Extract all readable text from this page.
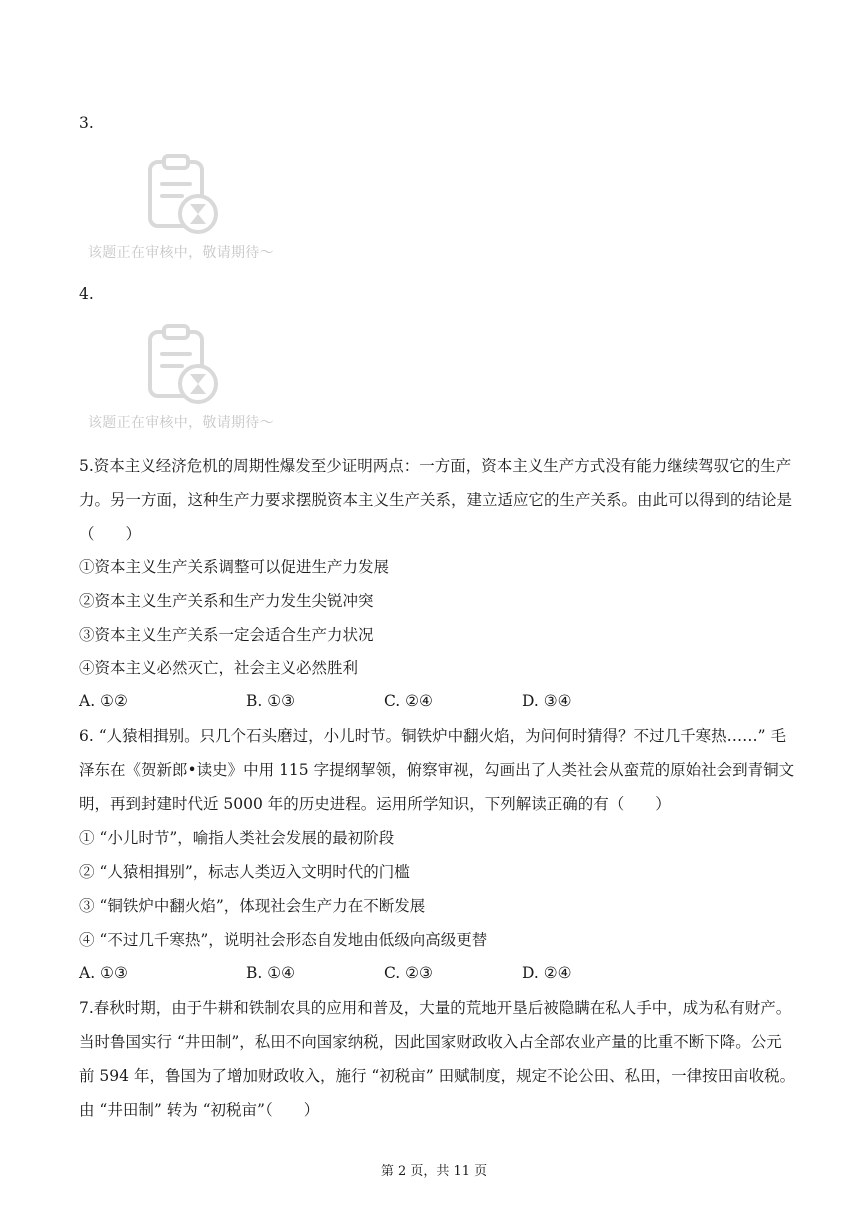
3.
该题正在审核中，敬请期待～
4.
该题正在审核中，敬请期待～
5.资本主义经济危机的周期性爆发至少证明两点：一方面，资本主义生产方式没有能力继续驾驭它的生产
力。另一方面，这种生产力要求摆脱资本主义生产关系，建立适应它的生产关系。由此可以得到的结论是
（　　）
①资本主义生产关系调整可以促进生产力发展
②资本主义生产关系和生产力发生尖锐冲突
③资本主义生产关系一定会适合生产力状况
④资本主义必然灭亡，社会主义必然胜利
A. ①②	B. ①③	C. ②④	D. ③④
6. “人猿相揖别。只几个石头磨过，小儿时节。铜铁炉中翻火焰，为问何时猜得？不过几千寒热……” 毛
泽东在《贺新郎•读史》中用 115 字提纲挈领，俯察审视，勾画出了人类社会从蛮荒的原始社会到青铜文
明，再到封建时代近 5000 年的历史进程。运用所学知识，下列解读正确的有（　　）
① “小儿时节”，喻指人类社会发展的最初阶段
② “人猿相揖别”，标志人类迈入文明时代的门槛
③ “铜铁炉中翻火焰”，体现社会生产力在不断发展
④ “不过几千寒热”，说明社会形态自发地由低级向高级更替
A. ①③	B. ①④	C. ②③	D. ②④
7.春秋时期，由于牛耕和铁制农具的应用和普及，大量的荒地开垦后被隐瞒在私人手中，成为私有财产。
当时鲁国实行 “井田制”，私田不向国家纳税，因此国家财政收入占全部农业产量的比重不断下降。公元
前 594 年，鲁国为了增加财政收入，施行 “初税亩” 田赋制度，规定不论公田、私田，一律按田亩收税。
由 “井田制” 转为 “初税亩”（　　）
第 2 页，共 11 页
